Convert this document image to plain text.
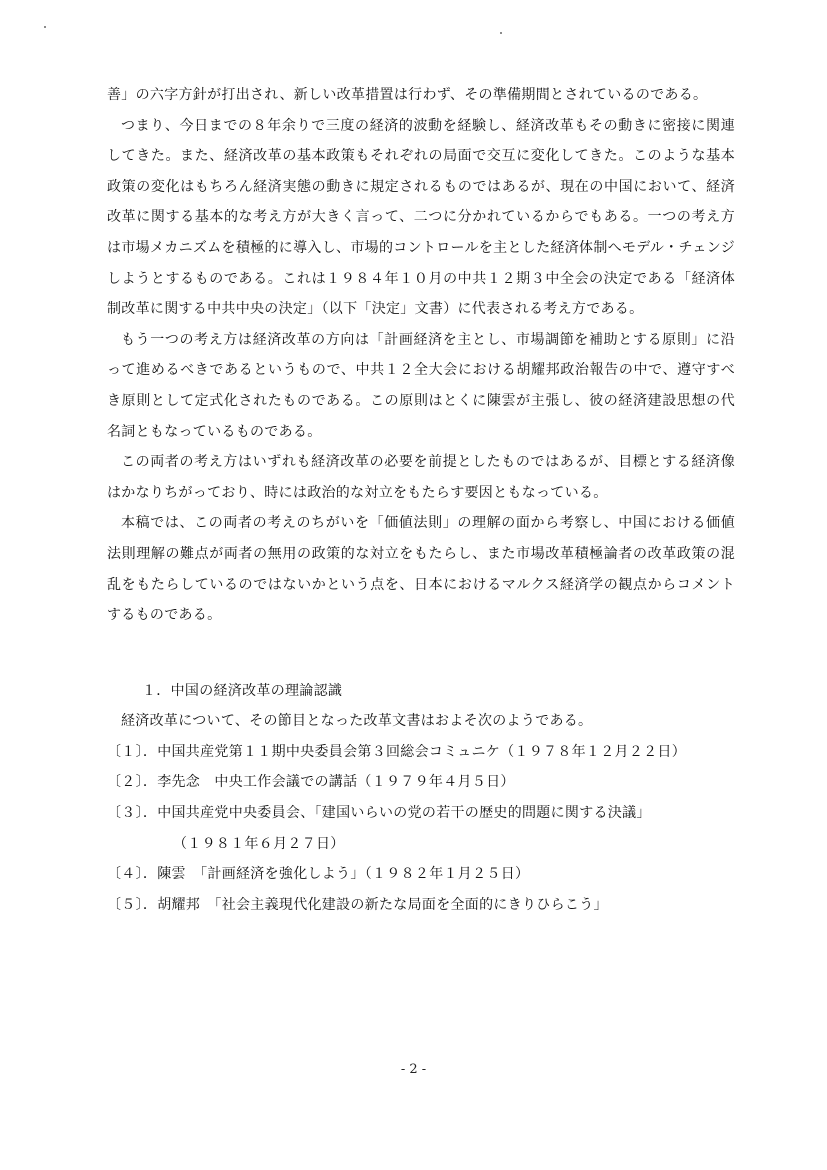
善」の六字方針が打出され、新しい改革措置は行わず、その準備期間とされているのである。

つまり、今日までの８年余りで三度の経済的波動を経験し、経済改革もその動きに密接に関連してきた。また、経済改革の基本政策もそれぞれの局面で交互に変化してきた。このような基本政策の変化はもちろん経済実態の動きに規定されるものではあるが、現在の中国において、経済改革に関する基本的な考え方が大きく言って、二つに分かれているからでもある。一つの考え方は市場メカニズムを積極的に導入し、市場的コントロールを主とした経済体制へモデル・チェンジしようとするものである。これは１９８４年１０月の中共１２期３中全会の決定である「経済体制改革に関する中共中央の決定」（以下「決定」文書）に代表される考え方である。

もう一つの考え方は経済改革の方向は「計画経済を主とし、市場調節を補助とする原則」に沿って進めるべきであるというもので、中共１２全大会における胡耀邦政治報告の中で、遵守すべき原則として定式化されたものである。この原則はとくに陳雲が主張し、彼の経済建設思想の代名詞ともなっているものである。

この両者の考え方はいずれも経済改革の必要を前提としたものではあるが、目標とする経済像はかなりちがっており、時には政治的な対立をもたらす要因ともなっている。

本稿では、この両者の考えのちがいを「価値法則」の理解の面から考察し、中国における価値法則理解の難点が両者の無用の政策的な対立をもたらし、また市場改革積極論者の改革政策の混乱をもたらしているのではないかという点を、日本におけるマルクス経済学の観点からコメントするものである。

１．中国の経済改革の理論認識

経済改革について、その節目となった改革文書はおよそ次のようである。

〔１〕．中国共産党第１１期中央委員会第３回総会コミュニケ（１９７８年１２月２２日）
〔２〕．李先念　中央工作会議での講話（１９７９年４月５日）
〔３〕．中国共産党中央委員会、「建国いらいの党の若干の歴史的問題に関する決議」
（１９８１年６月２７日）
〔４〕．陳雲　「計画経済を強化しよう」（１９８２年１月２５日）
〔５〕．胡耀邦　「社会主義現代化建設の新たな局面を全面的にきりひらこう」
- 2 -
